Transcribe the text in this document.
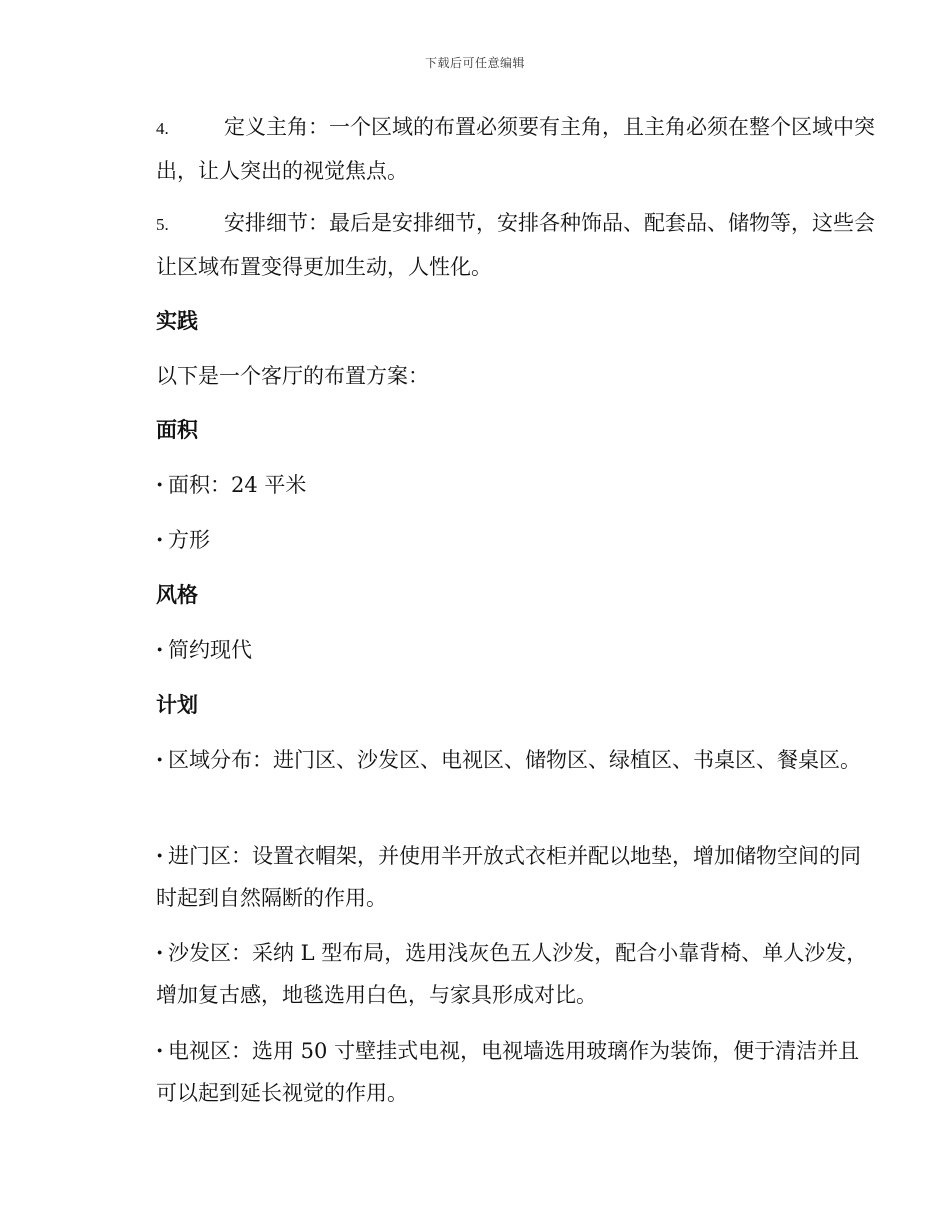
下载后可任意编辑

4.	定义主角：一个区域的布置必须要有主角，且主角必须在整个区域中突出，让人突出的视觉焦点。

5.	安排细节：最后是安排细节，安排各种饰品、配套品、储物等，这些会让区域布置变得更加生动，人性化。

实践

以下是一个客厅的布置方案：

面积

· 面积：24 平米

· 方形

风格

· 简约现代

计划

· 区域分布：进门区、沙发区、电视区、储物区、绿植区、书桌区、餐桌区。

· 进门区：设置衣帽架，并使用半开放式衣柜并配以地垫，增加储物空间的同时起到自然隔断的作用。

· 沙发区：采纳 L 型布局，选用浅灰色五人沙发，配合小靠背椅、单人沙发，增加复古感，地毯选用白色，与家具形成对比。

· 电视区：选用 50 寸壁挂式电视，电视墙选用玻璃作为装饰，便于清洁并且可以起到延长视觉的作用。
